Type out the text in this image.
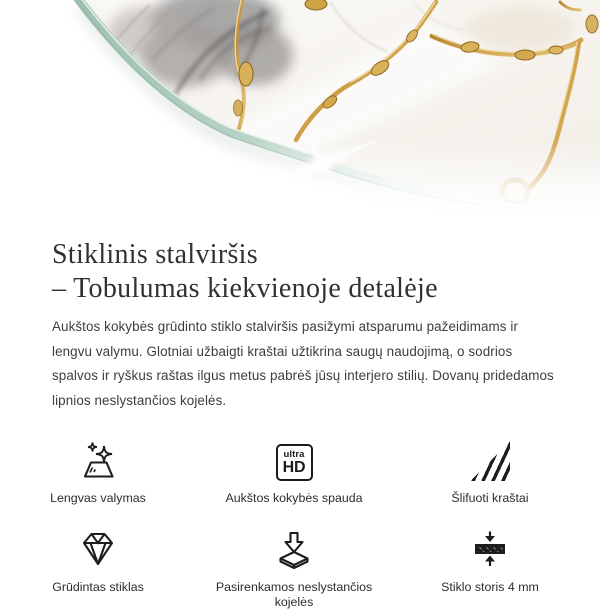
Stiklinis stalviršis
– Tobulumas kiekvienoje detalėje

Aukštos kokybės grūdinto stiklo stalviršis pasižymi atsparumu pažeidimams ir lengvu valymu. Glotniai užbaigti kraštai užtikrina saugų naudojimą, o sodrios spalvos ir ryškus raštas ilgus metus pabrėš jūsų interjero stilių. Dovanų pridedamos lipnios neslystančios kojelės.

Lengvas valymas
ultra
HD
Aukštos kokybės spauda	Šlifuoti kraštai
Grūdintas stiklas	Pasirenkamos neslystančios kojelės
Stiklo storis 4 mm
